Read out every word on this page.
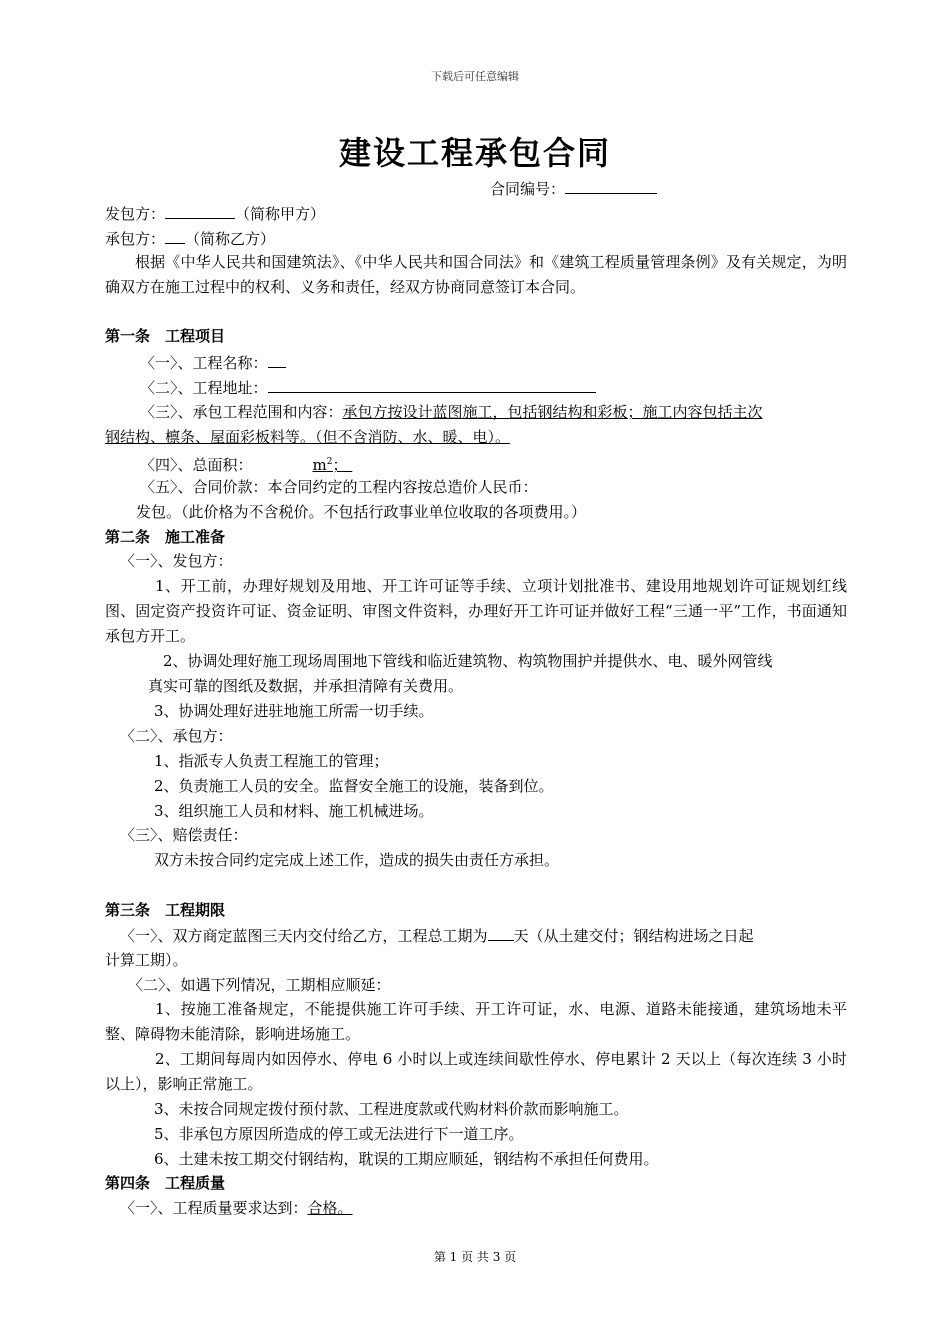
下载后可任意编辑
建设工程承包合同
合同编号：
发包方：	（简称甲方）
承包方： （简称乙方）
根据《中华人民共和国建筑法》、《中华人民共和国合同法》和《建筑工程质量管理条例》及有关规定，为明确双方在施工过程中的权利、义务和责任，经双方协商同意签订本合同。
第一条　工程项目
〈一〉、工程名称：
〈二〉、工程地址：
〈三〉、承包工程范围和内容：承包方按设计蓝图施工，包括钢结构和彩板；施工内容包括主次
钢结构、檩条、屋面彩板料等。（但不含消防、水、暖、电）。
〈四〉、总面积：	$m^2$；
〈五〉、合同价款：本合同约定的工程内容按总造价人民币：
发包。（此价格为不含税价。不包括行政事业单位收取的各项费用。）
第二条　施工准备
〈一〉、发包方：
1、开工前，办理好规划及用地、开工许可证等手续、立项计划批准书、建设用地规划许可证规划红线图、固定资产投资许可证、资金证明、审图文件资料，办理好开工许可证并做好工程“三通一平”工作，书面通知承包方开工。
2、协调处理好施工现场周围地下管线和临近建筑物、构筑物围护并提供水、电、暖外网管线
真实可靠的图纸及数据，并承担清障有关费用。
3、协调处理好进驻地施工所需一切手续。
〈二〉、承包方：
1、指派专人负责工程施工的管理；
2、负责施工人员的安全。监督安全施工的设施，装备到位。
3、组织施工人员和材料、施工机械进场。
〈三〉、赔偿责任：
双方未按合同约定完成上述工作，造成的损失由责任方承担。
第三条　工程期限
〈一〉、双方商定蓝图三天内交付给乙方，工程总工期为 天（从土建交付；钢结构进场之日起
计算工期）。
〈二〉、如遇下列情况，工期相应顺延：
1、按施工准备规定，不能提供施工许可手续、开工许可证，水、电源、道路未能接通，建筑场地未平整、障碍物未能清除，影响进场施工。
2、工期间每周内如因停水、停电 6 小时以上或连续间歇性停水、停电累计 2 天以上（每次连续 3 小时以上），影响正常施工。
3、未按合同规定拨付预付款、工程进度款或代购材料价款而影响施工。
5、非承包方原因所造成的停工或无法进行下一道工序。
6、土建未按工期交付钢结构，耽误的工期应顺延，钢结构不承担任何费用。
第四条　工程质量
〈一〉、工程质量要求达到：合格。
第 1 页 共 3 页
